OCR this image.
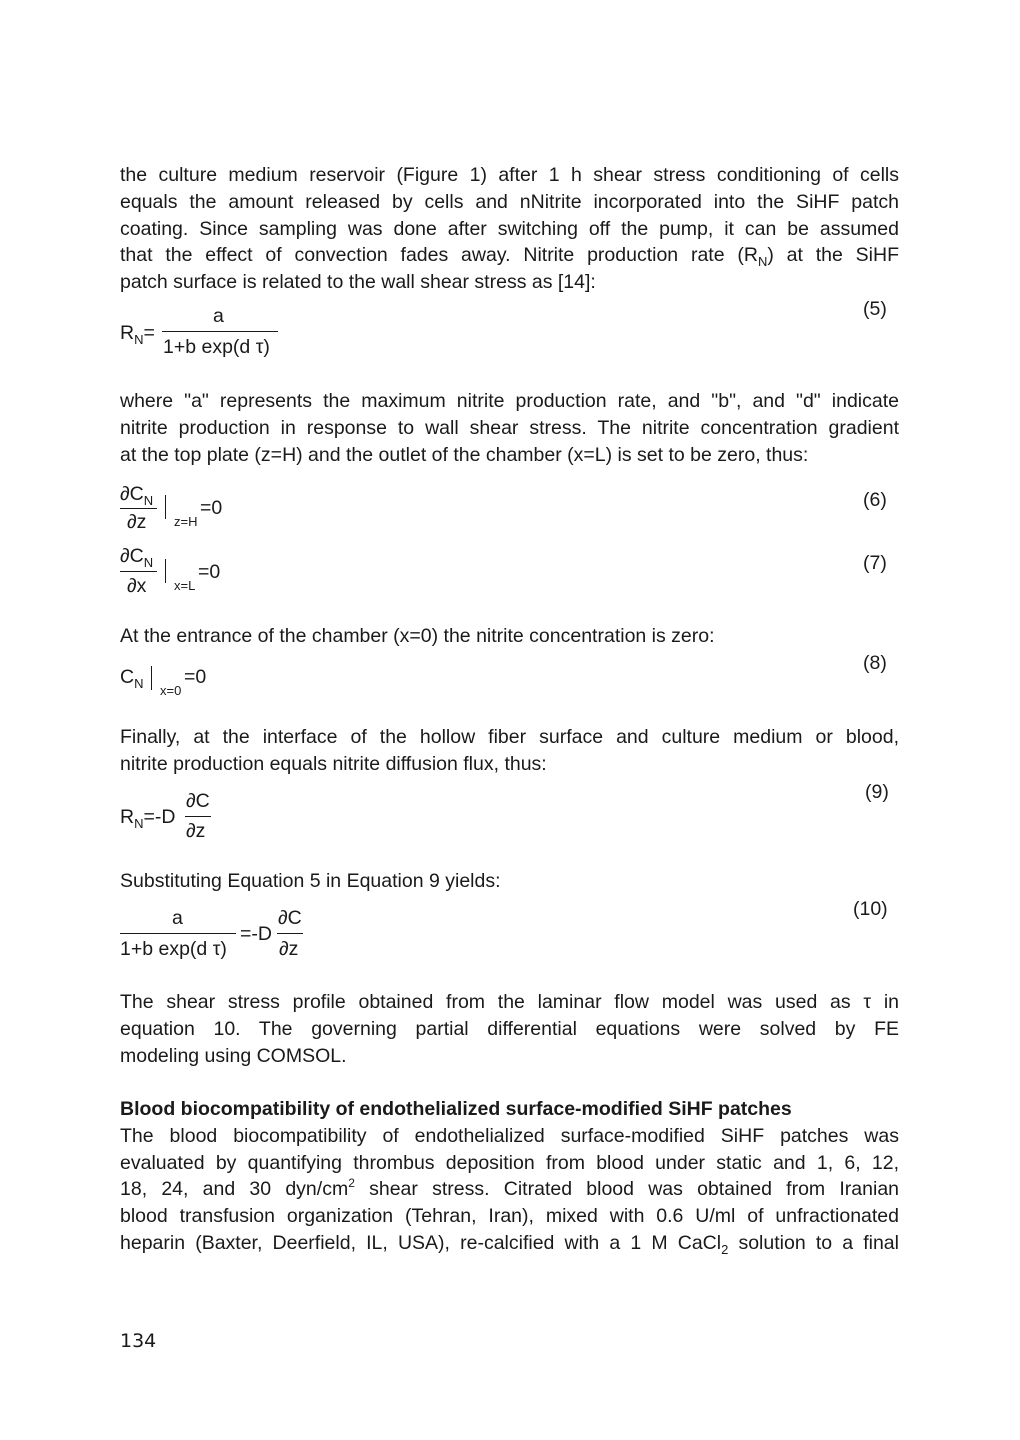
the culture medium reservoir (Figure 1) after 1 h shear stress conditioning of cells
equals the amount released by cells and nNitrite incorporated into the SiHF patch
coating. Since sampling was done after switching off the pump, it can be assumed
that the effect of convection fades away. Nitrite production rate $(R_N)$ at the SiHF
patch surface is related to the wall shear stress as [14]:
$R_N=$
a
1+b exp(d τ)
(5)
where "a" represents the maximum nitrite production rate, and "b", and "d" indicate
nitrite production in response to wall shear stress. The nitrite concentration gradient
at the top plate (z=H) and the outlet of the chamber (x=L) is set to be zero, thus:
$\partial C_N$
∂z z=H
=0	(6)
$\partial C_N$
∂x x=L
=0	(7)
At the entrance of the chamber (x=0) the nitrite concentration is zero:
$C_N$ x=0
=0
(8)
Finally, at the interface of the hollow fiber surface and culture medium or blood,
nitrite production equals nitrite diffusion flux, thus:
$R_N=-D$
∂C
∂z
(9)
Substituting Equation 5 in Equation 9 yields:
a
1+b exp(d τ)
=-D
∂C
∂z
(10)
The shear stress profile obtained from the laminar flow model was used as τ in
equation 10. The governing partial differential equations were solved by FE
modeling using COMSOL.
Blood biocompatibility of endothelialized surface-modified SiHF patches
The blood biocompatibility of endothelialized surface-modified SiHF patches was
evaluated by quantifying thrombus deposition from blood under static and 1, 6, 12,
18, 24, and 30 dyn/$cm^2$ shear stress. Citrated blood was obtained from Iranian
blood transfusion organization (Tehran, Iran), mixed with 0.6 U/ml of unfractionated
heparin (Baxter, Deerfield, IL, USA), re-calcified with a 1 M CaCl$_2$ solution to a final
134
